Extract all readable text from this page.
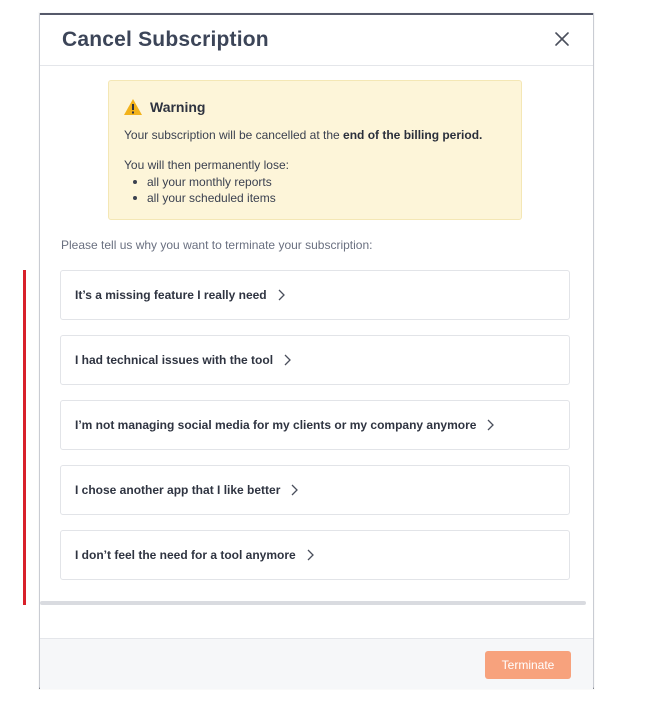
Cancel Subscription
Warning
Your subscription will be cancelled at the end of the billing period.
You will then permanently lose:
all your monthly reports
all your scheduled items
Please tell us why you want to terminate your subscription:
It’s a missing feature I really need
I had technical issues with the tool
I’m not managing social media for my clients or my company anymore
I chose another app that I like better
I don’t feel the need for a tool anymore
Terminate
